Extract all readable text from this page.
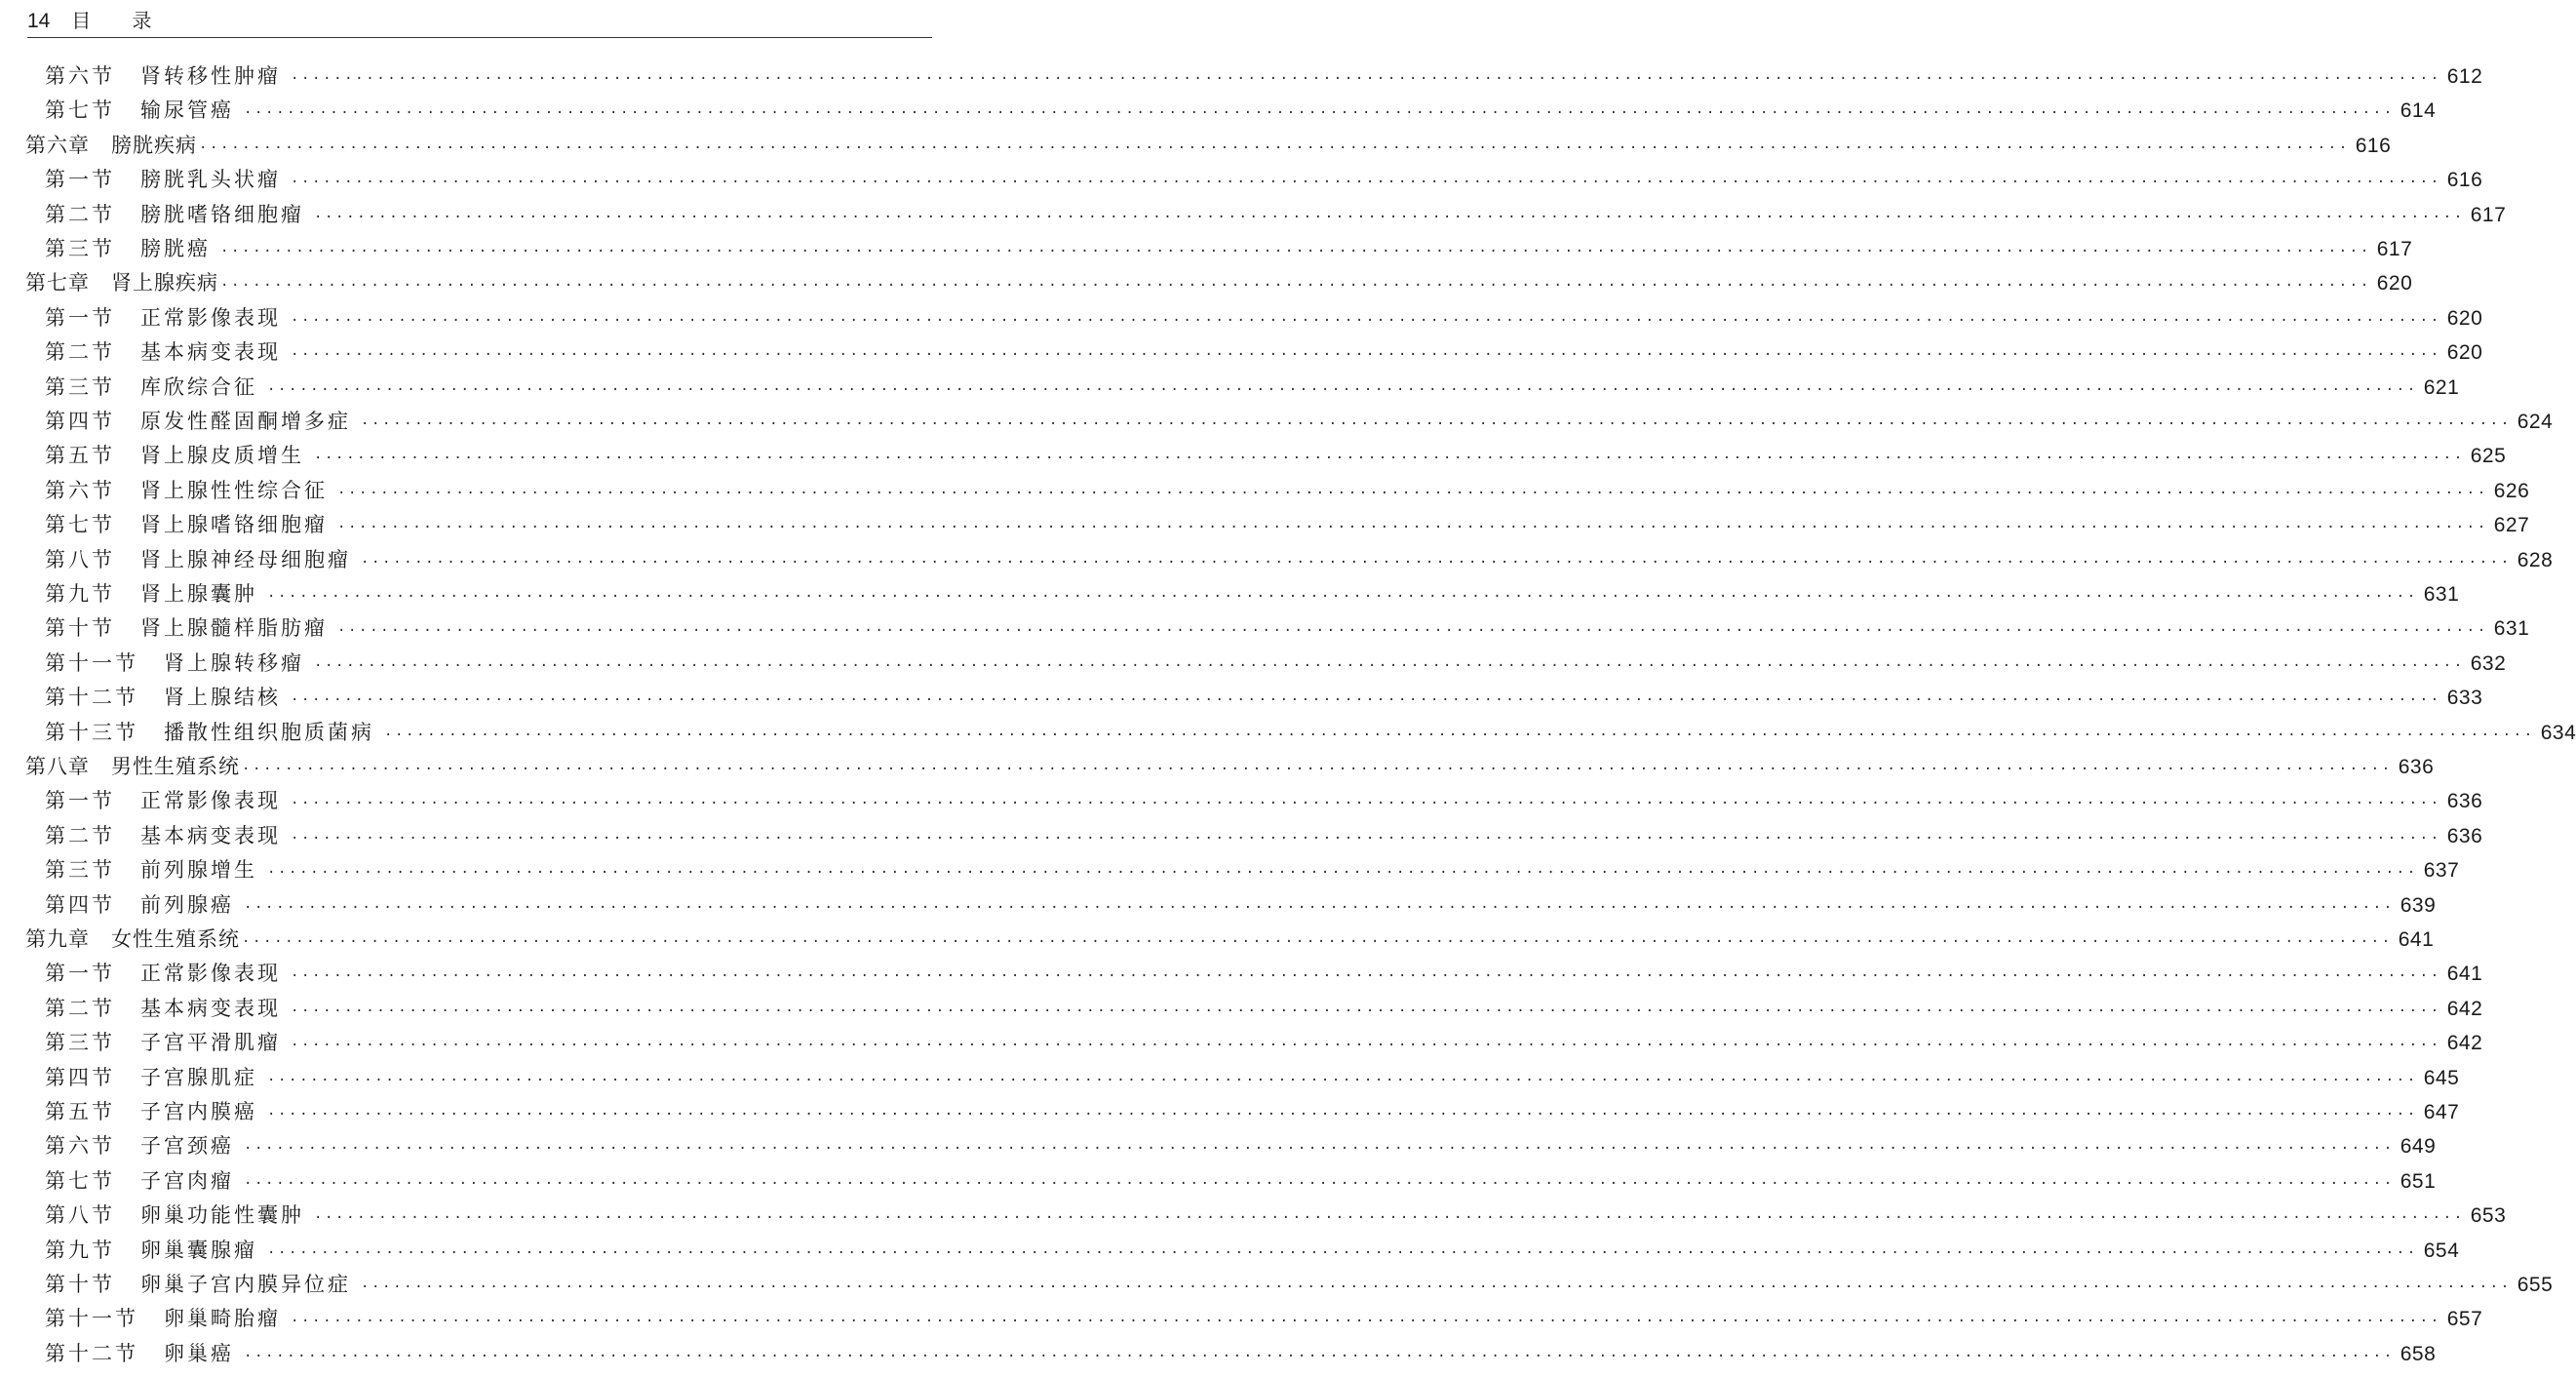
14 目 录
第六节 肾转移性肿瘤 ········································································································································································································ 612
第七节 输尿管癌 ········································································································································································································ 614
第六章 膀胱疾病 ········································································································································································································ 616
第一节 膀胱乳头状瘤 ········································································································································································································ 616
第二节 膀胱嗜铬细胞瘤 ········································································································································································································ 617
第三节 膀胱癌 ········································································································································································································ 617
第七章 肾上腺疾病 ········································································································································································································ 620
第一节 正常影像表现 ········································································································································································································ 620
第二节 基本病变表现 ········································································································································································································ 620
第三节 库欣综合征 ········································································································································································································ 621
第四节 原发性醛固酮增多症 ········································································································································································································ 624
第五节 肾上腺皮质增生 ········································································································································································································ 625
第六节 肾上腺性性综合征 ········································································································································································································ 626
第七节 肾上腺嗜铬细胞瘤 ········································································································································································································ 627
第八节 肾上腺神经母细胞瘤 ········································································································································································································ 628
第九节 肾上腺囊肿 ········································································································································································································ 631
第十节 肾上腺髓样脂肪瘤 ········································································································································································································ 631
第十一节 肾上腺转移瘤 ········································································································································································································ 632
第十二节 肾上腺结核 ········································································································································································································ 633
第十三节 播散性组织胞质菌病 ········································································································································································································ 634
第八章 男性生殖系统 ········································································································································································································ 636
第一节 正常影像表现 ········································································································································································································ 636
第二节 基本病变表现 ········································································································································································································ 636
第三节 前列腺增生 ········································································································································································································ 637
第四节 前列腺癌 ········································································································································································································ 639
第九章 女性生殖系统 ········································································································································································································ 641
第一节 正常影像表现 ········································································································································································································ 641
第二节 基本病变表现 ········································································································································································································ 642
第三节 子宫平滑肌瘤 ········································································································································································································ 642
第四节 子宫腺肌症 ········································································································································································································ 645
第五节 子宫内膜癌 ········································································································································································································ 647
第六节 子宫颈癌 ········································································································································································································ 649
第七节 子宫肉瘤 ········································································································································································································ 651
第八节 卵巢功能性囊肿 ········································································································································································································ 653
第九节 卵巢囊腺瘤 ········································································································································································································ 654
第十节 卵巢子宫内膜异位症 ········································································································································································································ 655
第十一节 卵巢畸胎瘤 ········································································································································································································ 657
第十二节 卵巢癌 ········································································································································································································ 658
